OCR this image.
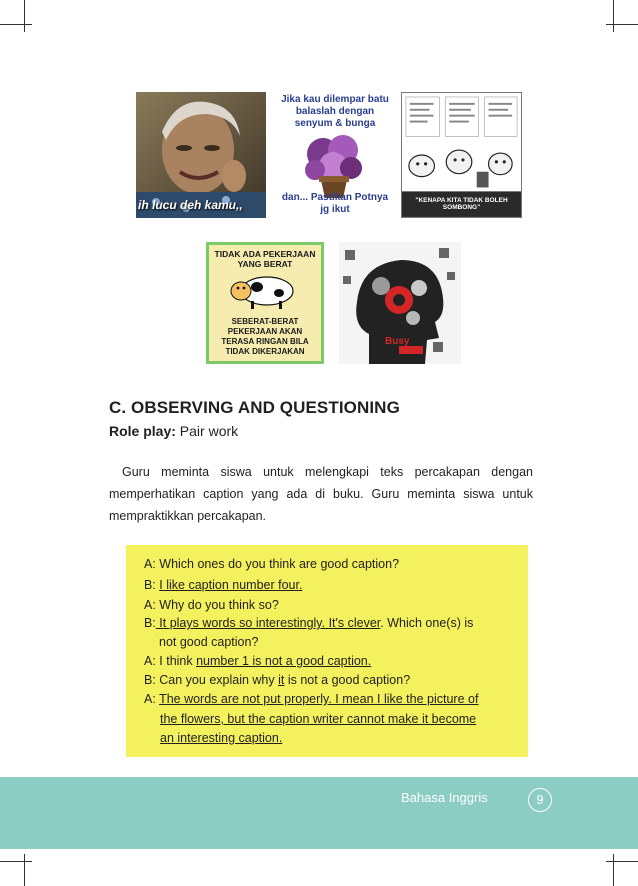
ih lucu deh kamu,,
Jika kau dilempar batu balaslah dengan senyum & bunga
dan... Pastikan Potnya jg ikut
"KENAPA KITA TIDAK BOLEH SOMBONG"
TIDAK ADA PEKERJAAN YANG BERAT
SEBERAT-BERAT PEKERJAAN AKAN TERASA RINGAN BILA TIDAK DIKERJAKAN
Busy
C. OBSERVING AND QUESTIONING
Role play: Pair work
Guru meminta siswa untuk melengkapi teks percakapan dengan memperhatikan caption yang ada di buku. Guru meminta siswa untuk mempraktikkan percakapan.
A: Which ones do you think are good caption?
B: I like caption number four.
A: Why do you think so?
B: It plays words so interestingly. It's clever. Which one(s) is
not good caption?
A: I think number 1 is not a good caption.
B: Can you explain why it is not a good caption?
A: The words are not put properly. I mean I like the picture of
the flowers, but the caption writer cannot make it become
an interesting caption.
Bahasa Inggris	9
